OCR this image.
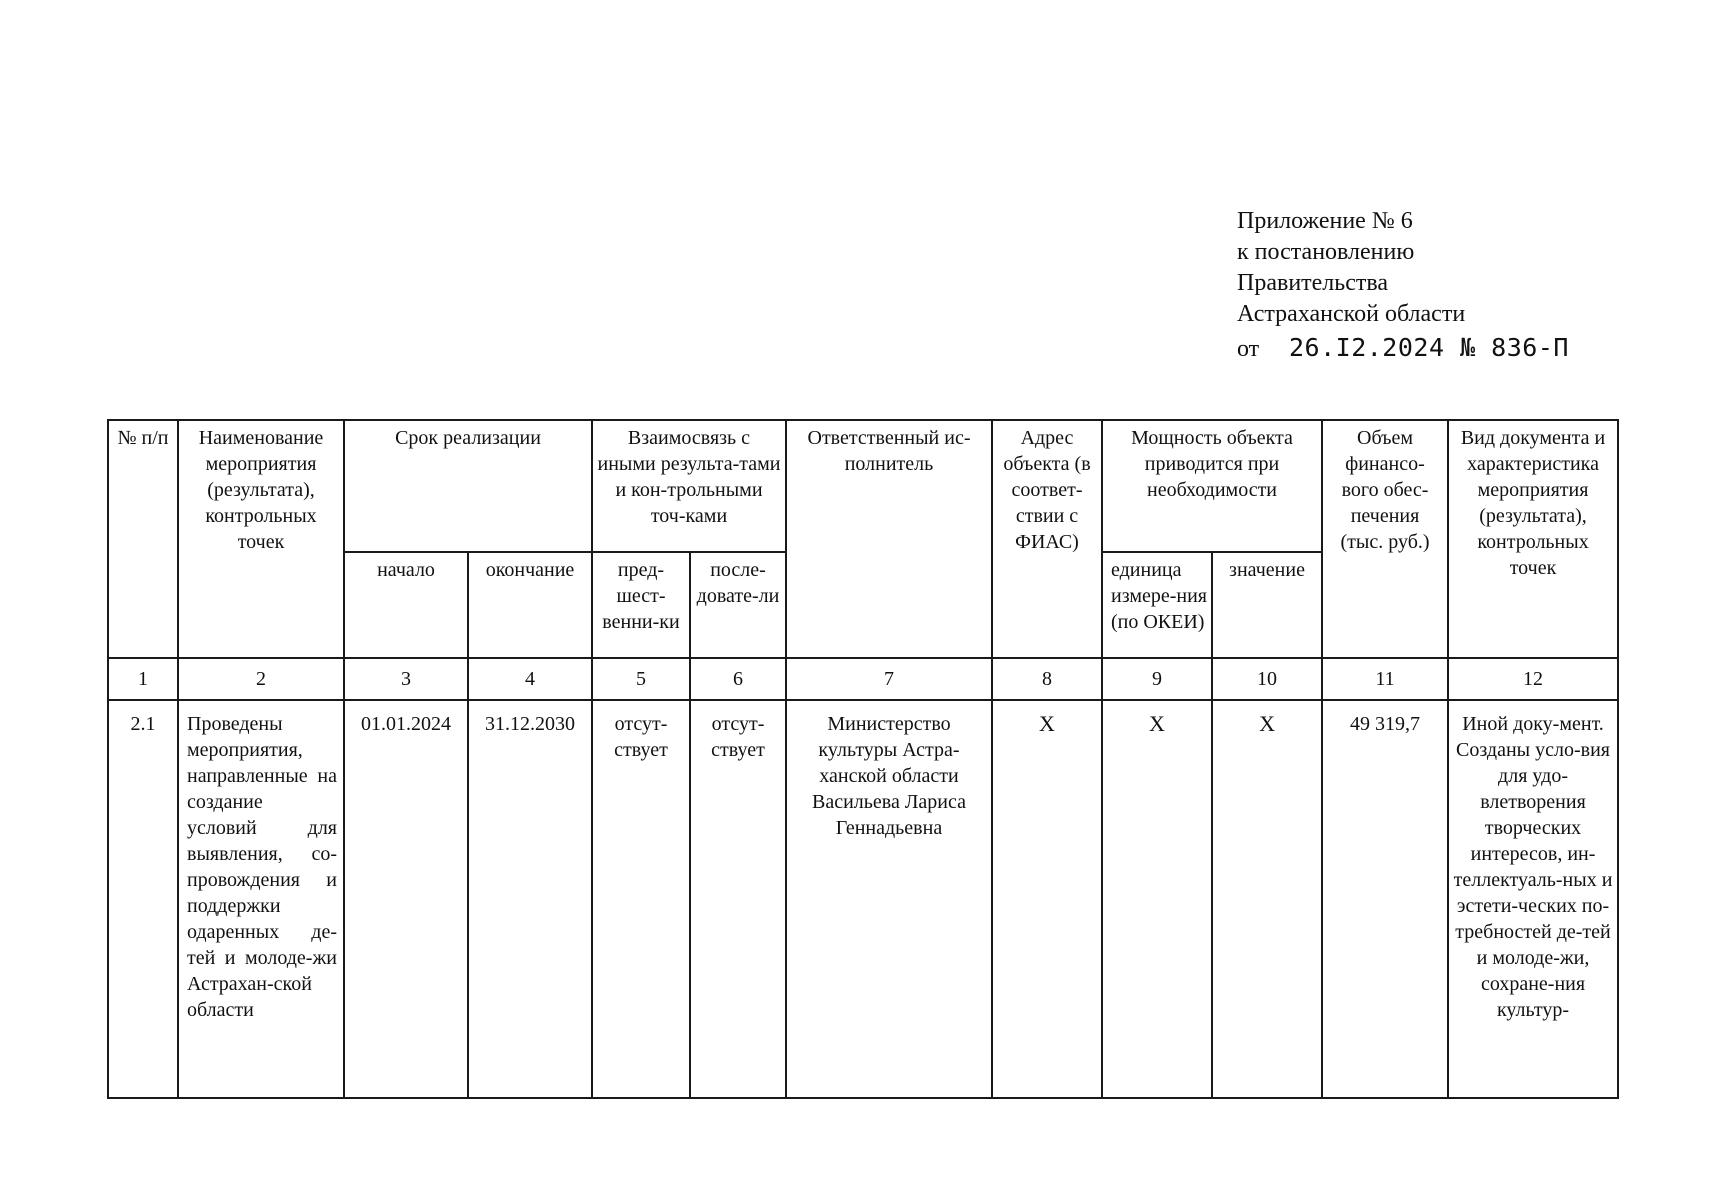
Приложение № 6
к постановлению
Правительства
Астраханской области
от 26.I2.2024 № 836-П
№ п/п	Наименование мероприятия (результата), контрольных точек	Срок реализации		Взаимосвязь с иными результа-тами и кон-трольными точ-ками		Ответственный ис-полнитель	Адрес объекта (в соответ-ствии с ФИАС)	Мощность объекта приводится при необходимости		Объем финансо-вого обес-печения (тыс. руб.)	Вид документа и характеристика мероприятия (результата), контрольных точек
		начало	окончание	пред-шест-венни-ки	после-довате-ли			единица измере-ния (по ОКЕИ)	значение		
1	2	3	4	5	6	7	8	9	10	11	12
2.1	Проведены мероприятия, направленные на создание условий для выявления, со-провождения и поддержки одаренных де-тей и молоде-жи Астрахан-ской области	01.01.2024	31.12.2030	отсут-ствует	отсут-ствует	Министерство культуры Астра-ханской области Васильева Лариса Геннадьевна	Х	Х	Х	49 319,7	Иной доку-мент. Созданы усло-вия для удо-влетворения творческих интересов, ин-теллектуаль-ных и эстети-ческих по-требностей де-тей и молоде-жи, сохране-ния культур-
